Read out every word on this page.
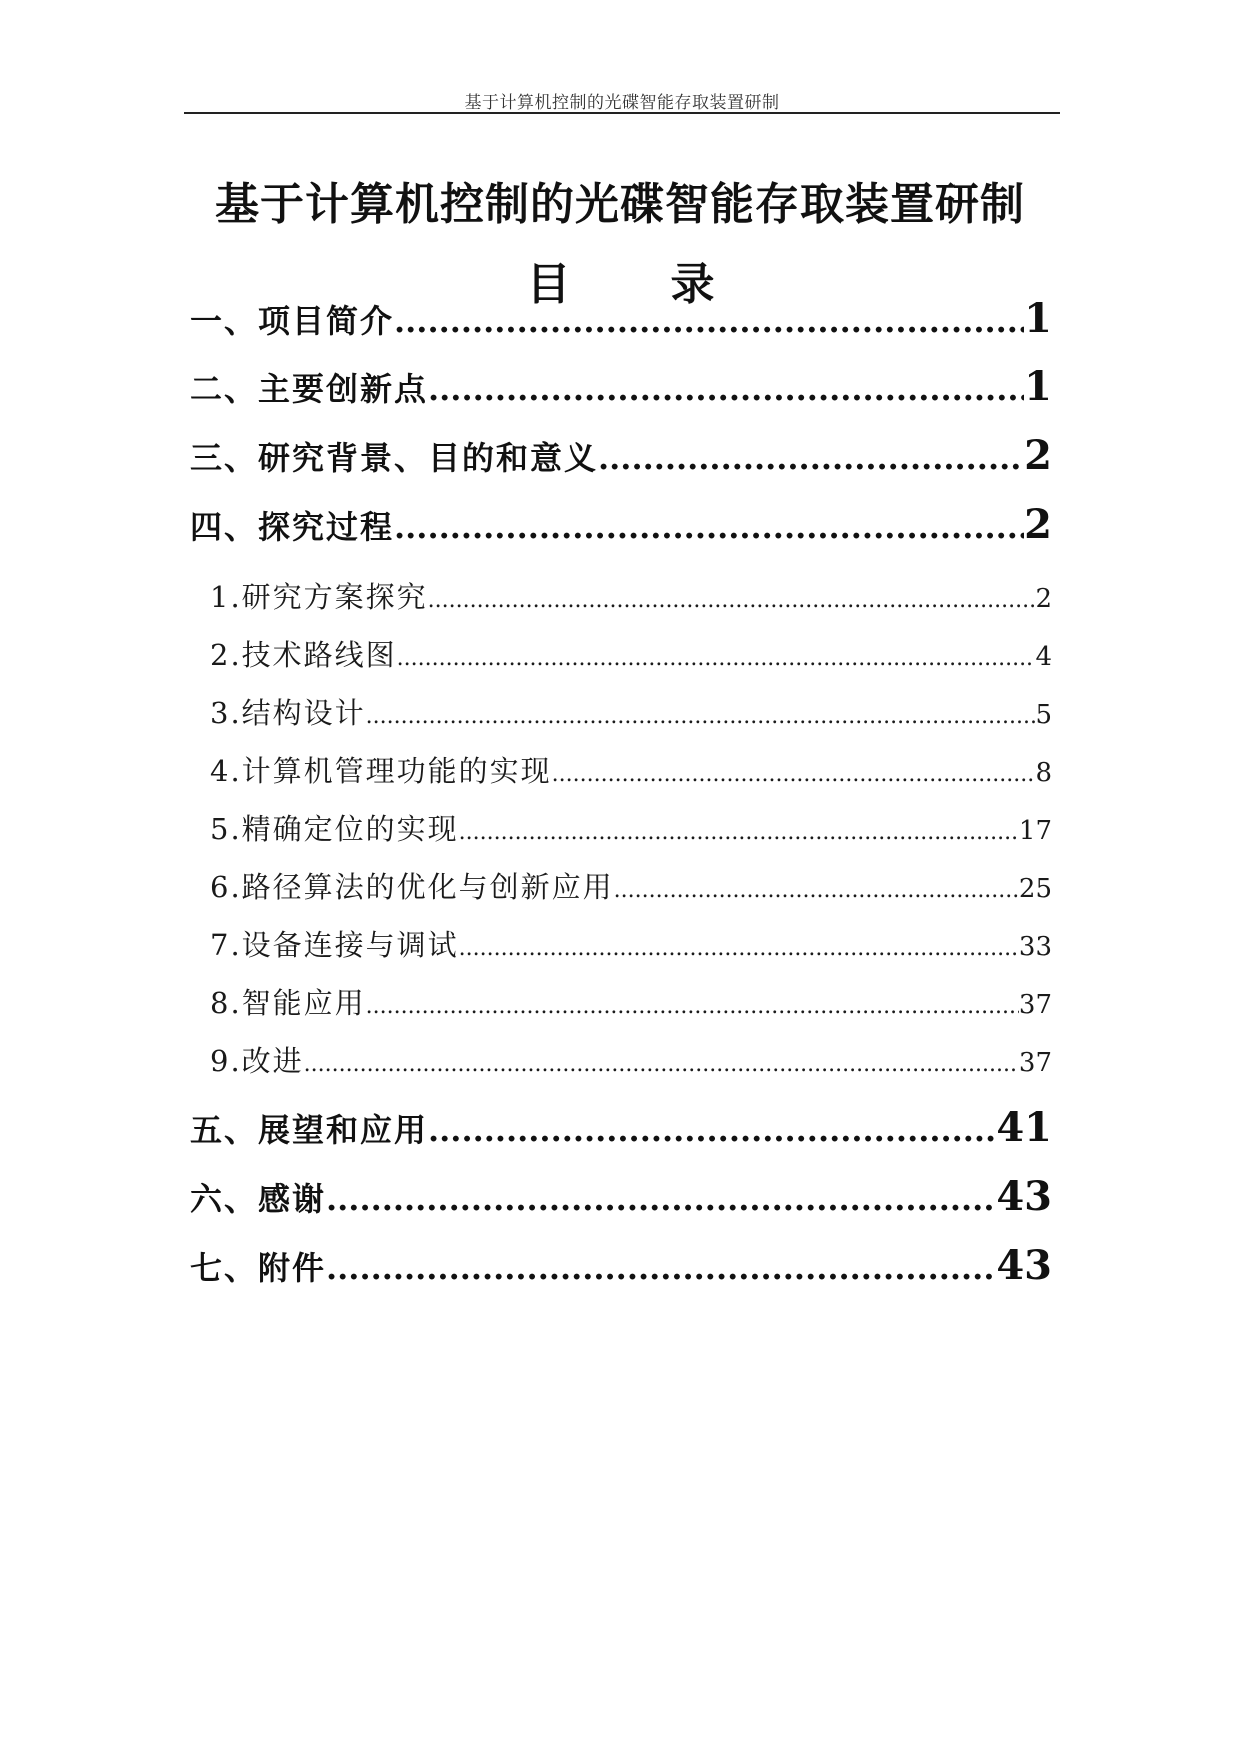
基于计算机控制的光碟智能存取装置研制
基于计算机控制的光碟智能存取装置研制
目 录
一、项目简介 .....	1
二、主要创新点 .....	1
三、研究背景、目的和意义 .....	2
四、探究过程 .....	2
1.研究方案探究 .....	2
2.技术路线图 .....	4
3.结构设计 .....	5
4.计算机管理功能的实现 .....	8
5.精确定位的实现 .....	17
6.路径算法的优化与创新应用 .....	25
7.设备连接与调试 .....	33
8.智能应用 .....	37
9.改进 .....	37
五、展望和应用 .....	41
六、感谢 .....	43
七、附件 .....	43
